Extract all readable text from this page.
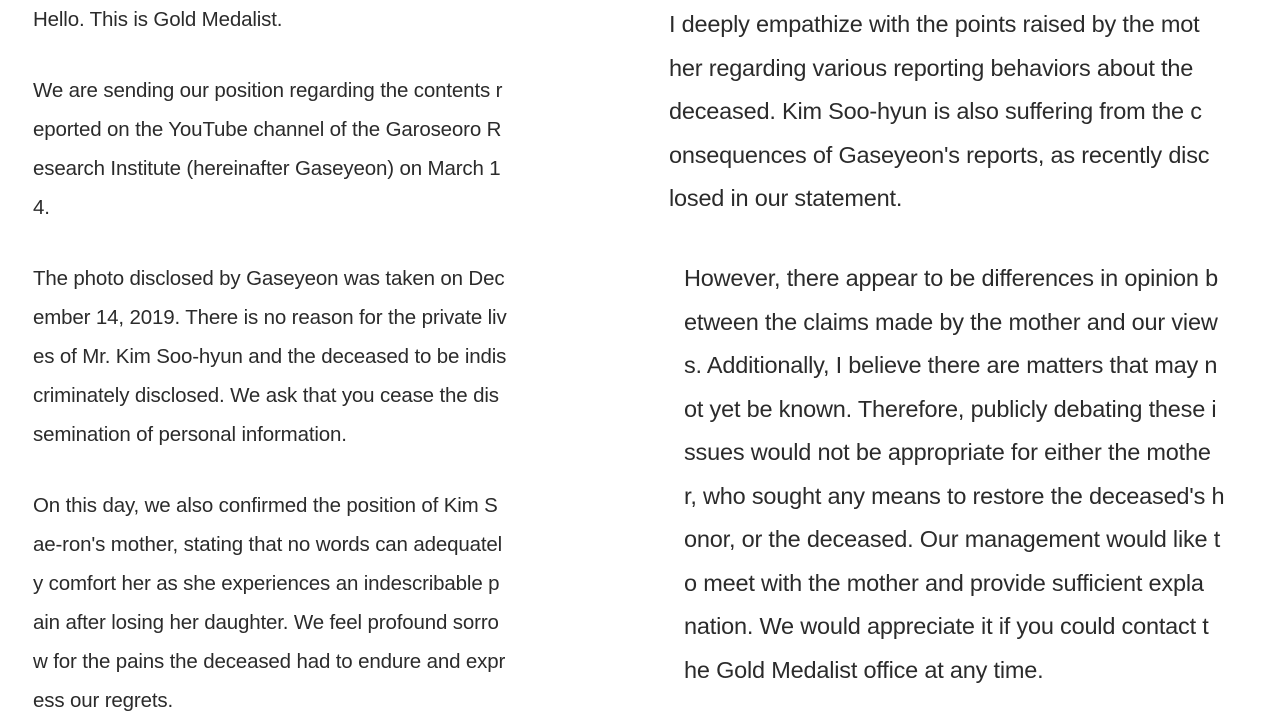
Hello. This is Gold Medalist.
We are sending our position regarding the contents r
eported on the YouTube channel of the Garoseoro R
esearch Institute (hereinafter Gaseyeon) on March 1
4.
The photo disclosed by Gaseyeon was taken on Dec
ember 14, 2019. There is no reason for the private liv
es of Mr. Kim Soo-hyun and the deceased to be indis
criminately disclosed. We ask that you cease the dis
semination of personal information.
On this day, we also confirmed the position of Kim S
ae-ron's mother, stating that no words can adequatel
y comfort her as she experiences an indescribable p
ain after losing her daughter. We feel profound sorro
w for the pains the deceased had to endure and expr
ess our regrets.
I deeply empathize with the points raised by the mot
her regarding various reporting behaviors about the
deceased. Kim Soo-hyun is also suffering from the c
onsequences of Gaseyeon's reports, as recently disc
losed in our statement.
However, there appear to be differences in opinion b
etween the claims made by the mother and our view
s. Additionally, I believe there are matters that may n
ot yet be known. Therefore, publicly debating these i
ssues would not be appropriate for either the mothe
r, who sought any means to restore the deceased's h
onor, or the deceased. Our management would like t
o meet with the mother and provide sufficient expla
nation. We would appreciate it if you could contact t
he Gold Medalist office at any time.
